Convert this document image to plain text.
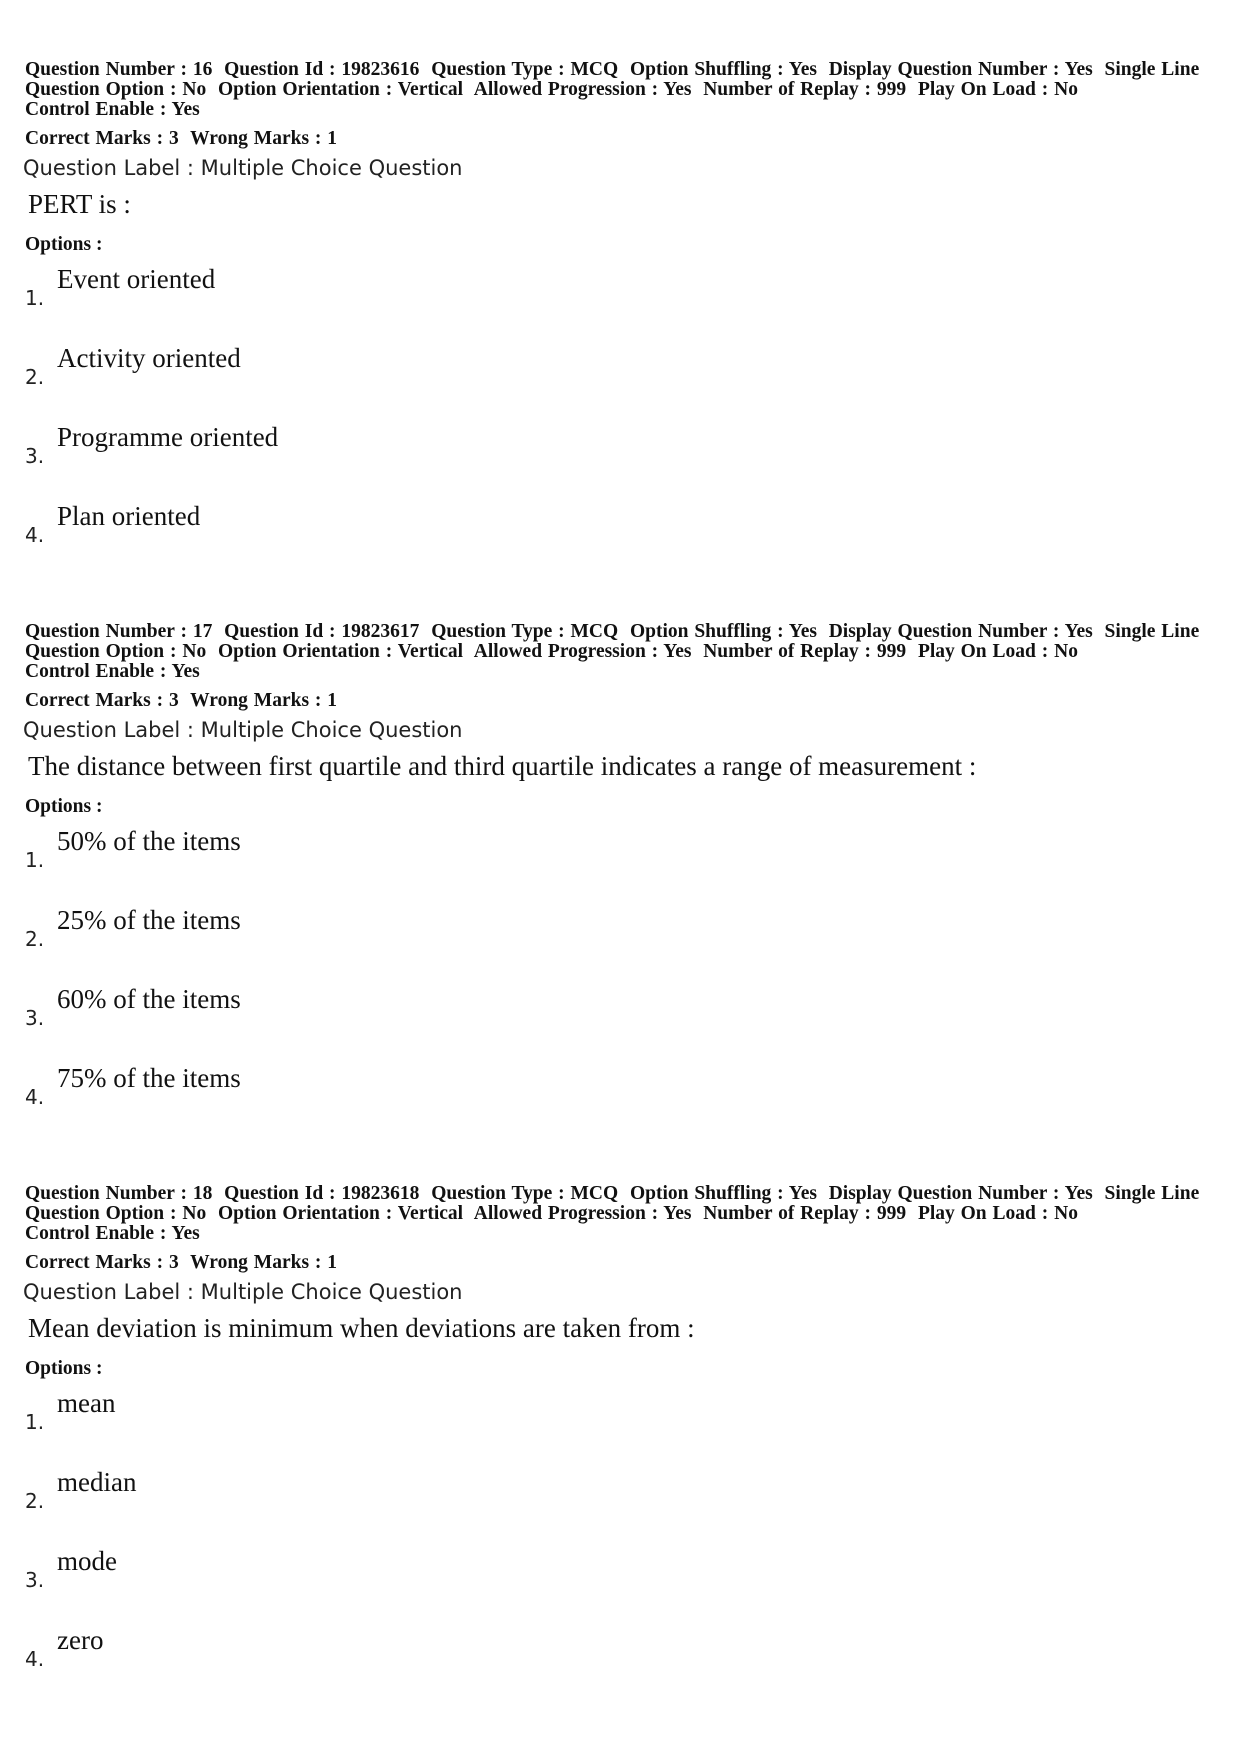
Question Number : 16 Question Id : 19823616 Question Type : MCQ Option Shuffling : Yes Display Question Number : Yes Single Line Question Option : No Option Orientation : Vertical Allowed Progression : Yes Number of Replay : 999 Play On Load : No
Control Enable : Yes

Correct Marks : 3 Wrong Marks : 1
Question Label : Multiple Choice Question
PERT is :
Options :
1.
Event oriented
2.
Activity oriented
3.
Programme oriented
4.
Plan oriented

Question Number : 17 Question Id : 19823617 Question Type : MCQ Option Shuffling : Yes Display Question Number : Yes Single Line Question Option : No Option Orientation : Vertical Allowed Progression : Yes Number of Replay : 999 Play On Load : No
Control Enable : Yes

Correct Marks : 3 Wrong Marks : 1
Question Label : Multiple Choice Question
The distance between first quartile and third quartile indicates a range of measurement :
Options :
1.
50% of the items
2.
25% of the items
3.
60% of the items
4.
75% of the items

Question Number : 18 Question Id : 19823618 Question Type : MCQ Option Shuffling : Yes Display Question Number : Yes Single Line Question Option : No Option Orientation : Vertical Allowed Progression : Yes Number of Replay : 999 Play On Load : No
Control Enable : Yes

Correct Marks : 3 Wrong Marks : 1
Question Label : Multiple Choice Question
Mean deviation is minimum when deviations are taken from :
Options :
1.
mean
2.
median
3.
mode
4.
zero
